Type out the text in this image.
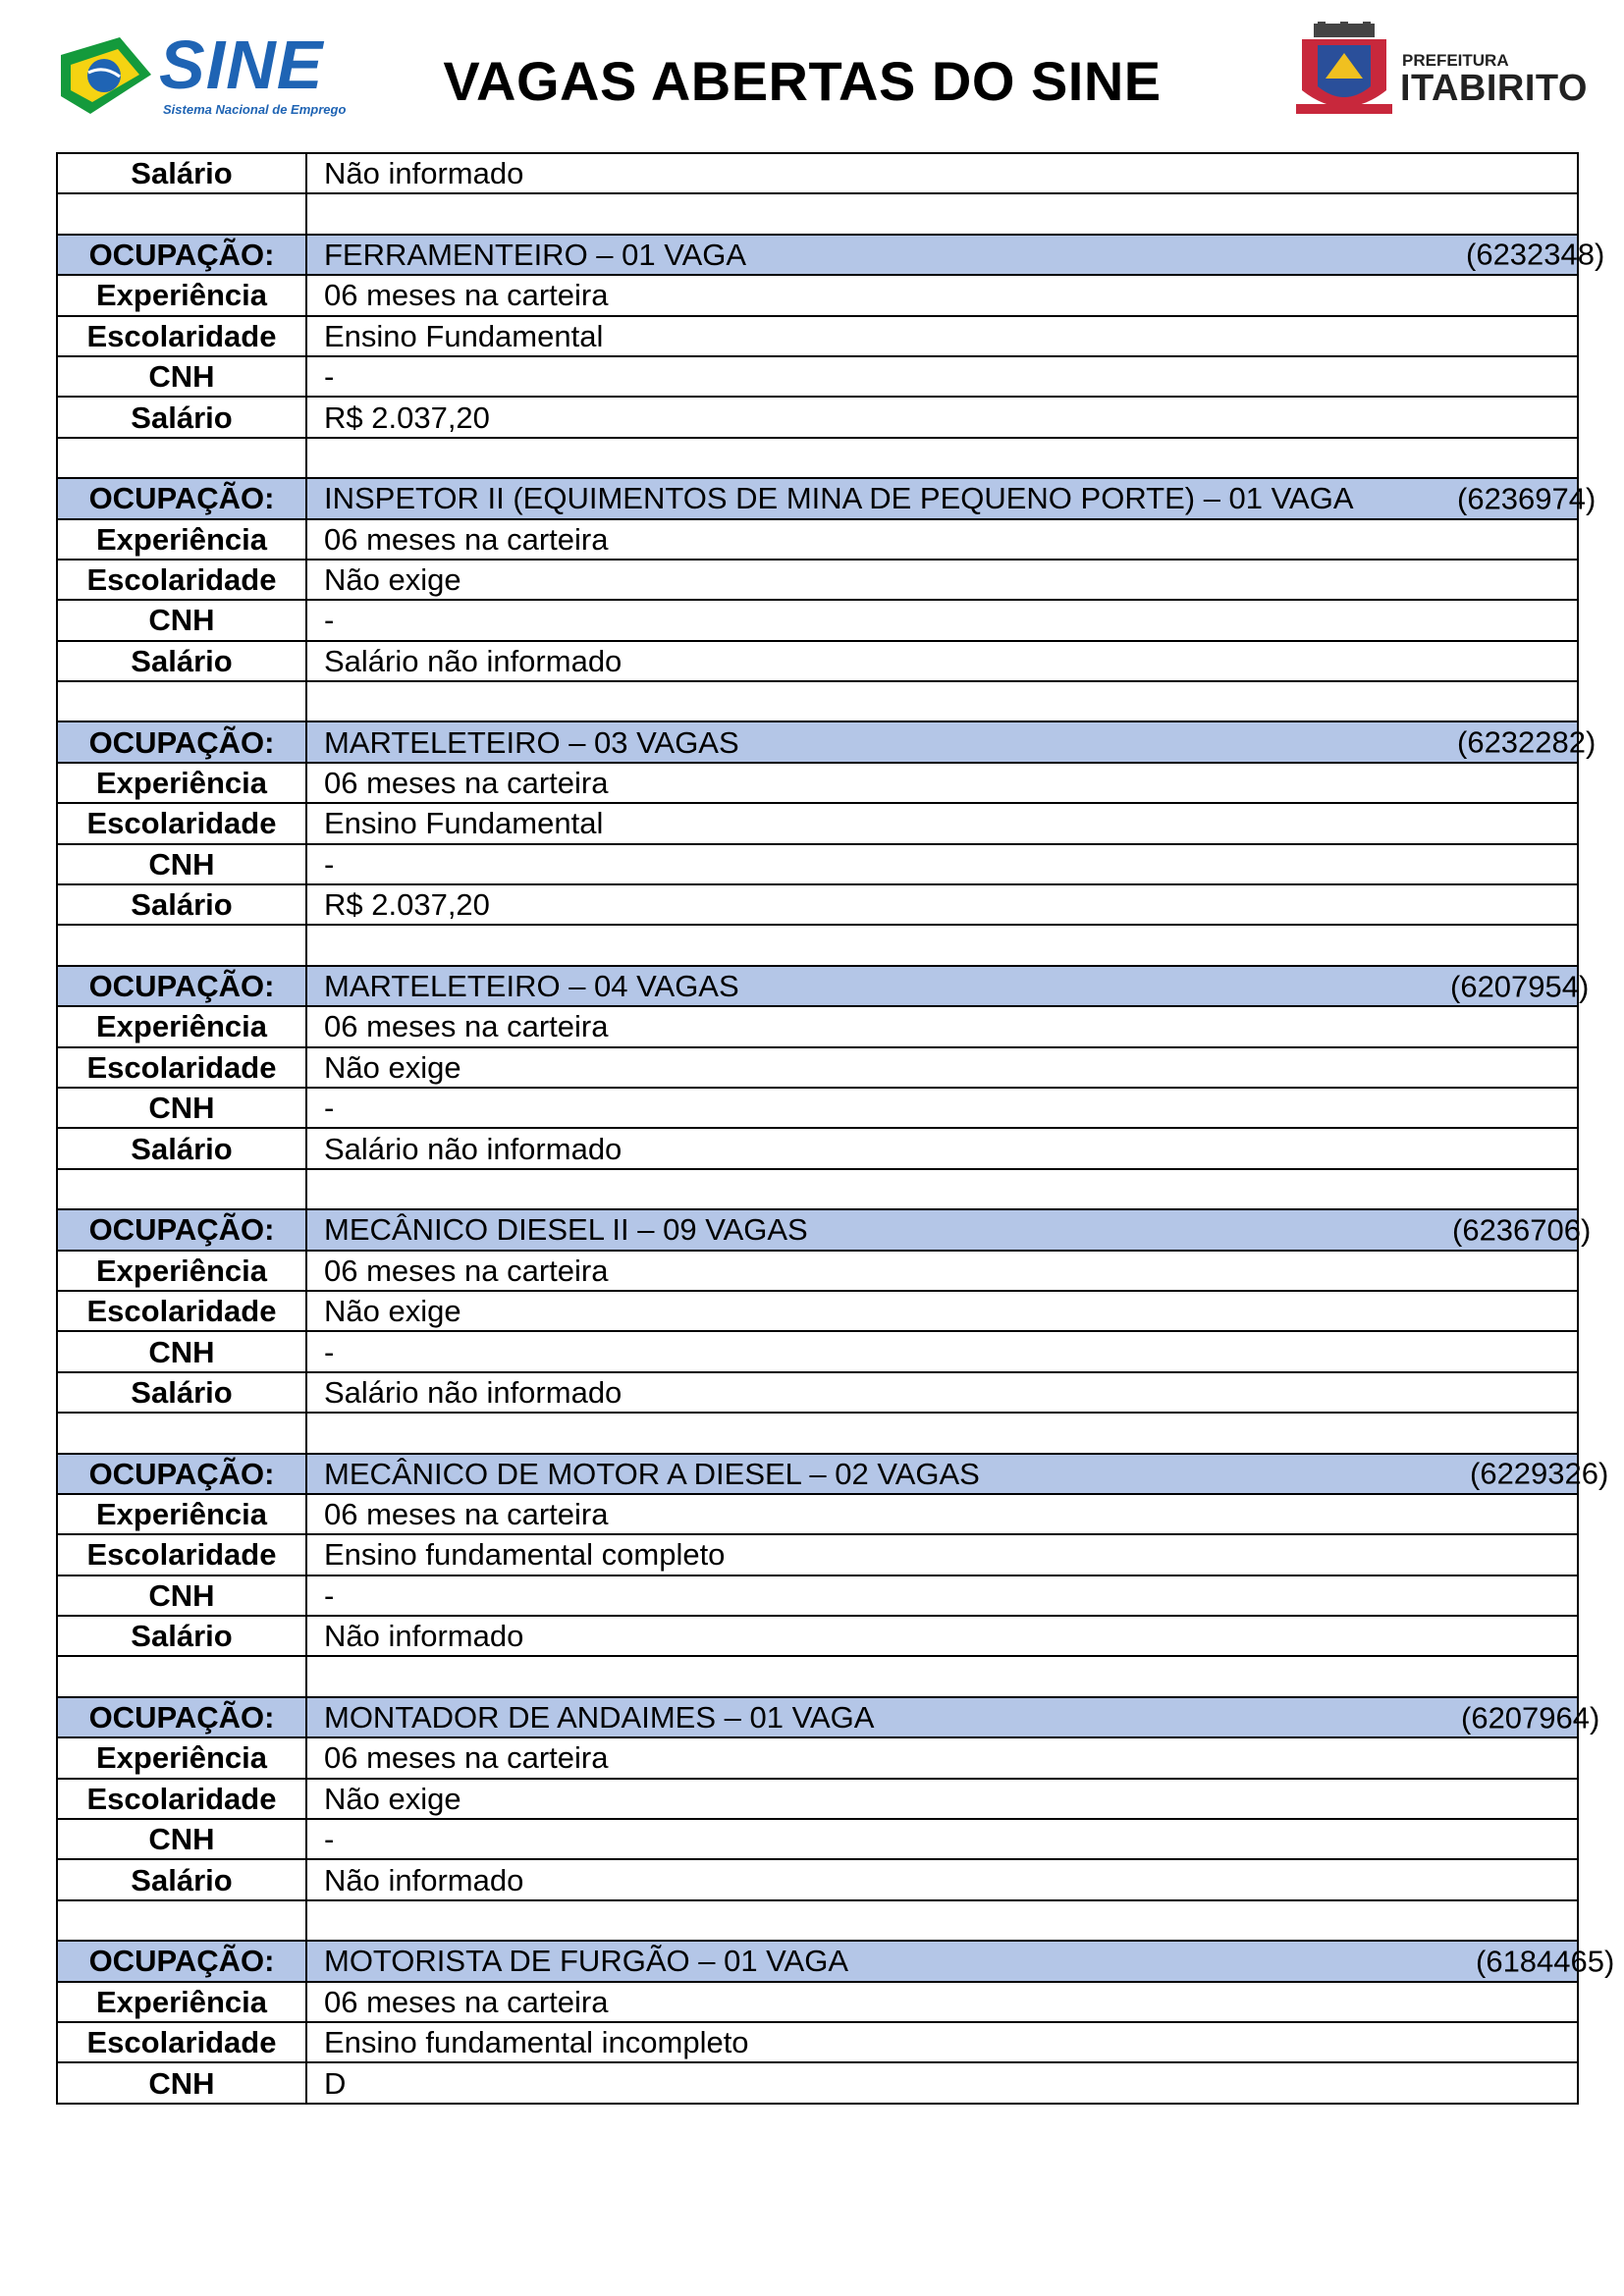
SINE
Sistema Nacional de Emprego	VAGAS ABERTAS DO SINE	PREFEITURA
ITABIRITO
Salário	Não informado

OCUPAÇÃO:	FERRAMENTEIRO – 01 VAGA (6232348)

Experiência	06 meses na carteira
Escolaridade	Ensino Fundamental
CNH	-
Salário	R$ 2.037,20

OCUPAÇÃO:	INSPETOR II (EQUIMENTOS DE MINA DE PEQUENO PORTE) – 01 VAGA (6236974)

Experiência	06 meses na carteira
Escolaridade	Não exige
CNH	-
Salário	Salário não informado

OCUPAÇÃO:	MARTELETEIRO – 03 VAGAS (6232282)

Experiência	06 meses na carteira
Escolaridade	Ensino Fundamental
CNH	-
Salário	R$ 2.037,20

OCUPAÇÃO:	MARTELETEIRO – 04 VAGAS (6207954)

Experiência	06 meses na carteira
Escolaridade	Não exige
CNH	-
Salário	Salário não informado

OCUPAÇÃO:	MECÂNICO DIESEL II – 09 VAGAS (6236706)

Experiência	06 meses na carteira
Escolaridade	Não exige
CNH	-
Salário	Salário não informado

OCUPAÇÃO:	MECÂNICO DE MOTOR A DIESEL – 02 VAGAS (6229326)

Experiência	06 meses na carteira
Escolaridade	Ensino fundamental completo
CNH	-
Salário	Não informado

OCUPAÇÃO:	MONTADOR DE ANDAIMES – 01 VAGA (6207964)

Experiência	06 meses na carteira
Escolaridade	Não exige
CNH	-
Salário	Não informado

OCUPAÇÃO:	MOTORISTA DE FURGÃO – 01 VAGA (6184465)

Experiência	06 meses na carteira
Escolaridade	Ensino fundamental incompleto
CNH	D
